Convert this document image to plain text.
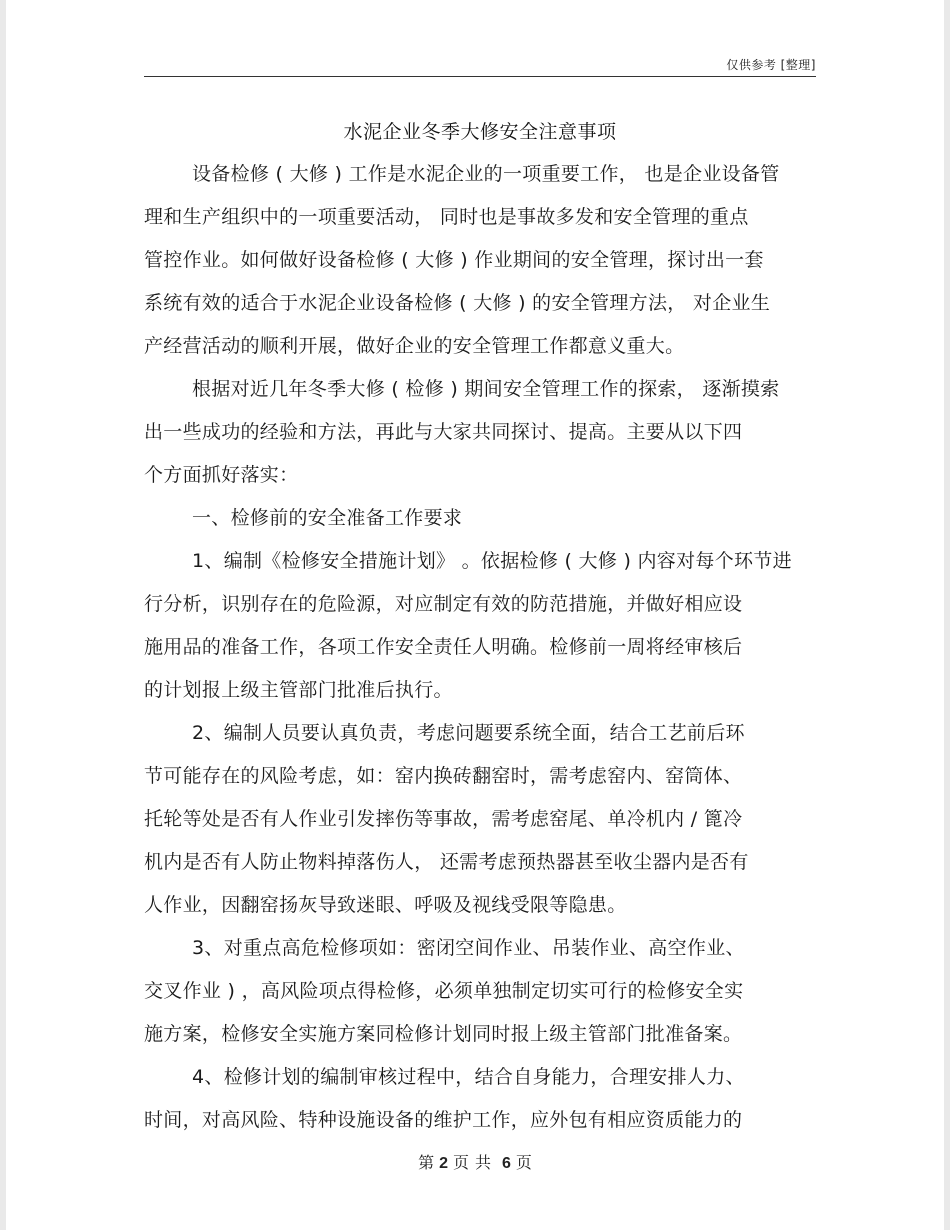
仅供参考 [整理]
水泥企业冬季大修安全注意事项
设备检修 ( 大修 ) 工作是水泥企业的一项重要工作， 也是企业设备管
理和生产组织中的一项重要活动， 同时也是事故多发和安全管理的重点
管控作业。如何做好设备检修 ( 大修 ) 作业期间的安全管理，探讨出一套
系统有效的适合于水泥企业设备检修 ( 大修 ) 的安全管理方法， 对企业生
产经营活动的顺利开展，做好企业的安全管理工作都意义重大。
根据对近几年冬季大修 ( 检修 ) 期间安全管理工作的探索， 逐渐摸索
出一些成功的经验和方法，再此与大家共同探讨、提高。主要从以下四
个方面抓好落实：
一、检修前的安全准备工作要求
1、编制《检修安全措施计划》 。依据检修 ( 大修 ) 内容对每个环节进
行分析，识别存在的危险源，对应制定有效的防范措施，并做好相应设
施用品的准备工作，各项工作安全责任人明确。检修前一周将经审核后
的计划报上级主管部门批准后执行。
2、编制人员要认真负责，考虑问题要系统全面，结合工艺前后环
节可能存在的风险考虑，如：窑内换砖翻窑时，需考虑窑内、窑筒体、
托轮等处是否有人作业引发摔伤等事故，需考虑窑尾、单冷机内 / 篦冷
机内是否有人防止物料掉落伤人， 还需考虑预热器甚至收尘器内是否有
人作业，因翻窑扬灰导致迷眼、呼吸及视线受限等隐患。
3、对重点高危检修项如：密闭空间作业、吊装作业、高空作业、
交叉作业 ) ，高风险项点得检修，必须单独制定切实可行的检修安全实
施方案，检修安全实施方案同检修计划同时报上级主管部门批准备案。
4、检修计划的编制审核过程中，结合自身能力，合理安排人力、
时间，对高风险、特种设施设备的维护工作，应外包有相应资质能力的
第 2 页 共 6 页
